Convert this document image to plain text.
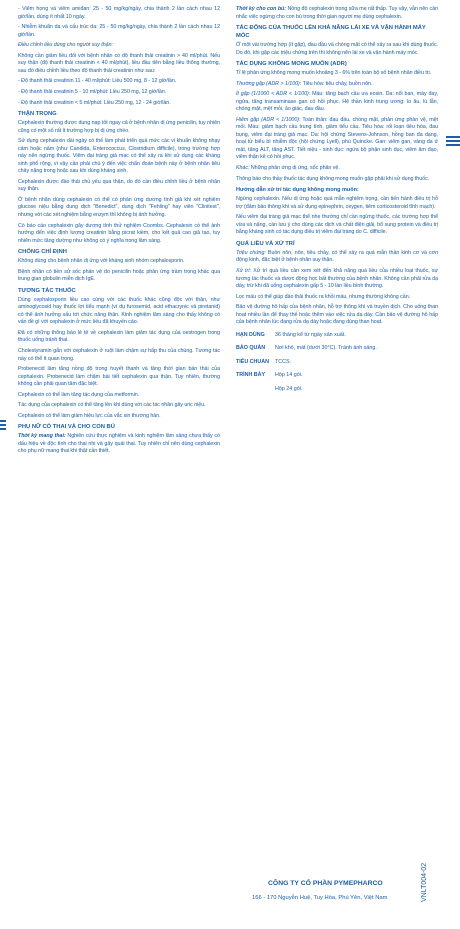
- Viêm họng và viêm amiđan: 25 - 50 mg/kg/ngày, chia thành 2 lần cách nhau 12 giờ/lần, dùng ít nhất 10 ngày.
- Nhiễm khuẩn da và cấu trúc da: 25 - 50 mg/kg/ngày, chia thành 2 lần cách nhau 12 giờ/lần.
Điều chỉnh liều dùng cho người suy thận:
Không cần giảm liều đối với bệnh nhân có độ thanh thải creatinin > 40 ml/phút. Nếu suy thận (độ thanh thải creatinin < 40 ml/phút), liều đầu tiên bằng liều thông thường, sau đó điều chỉnh liều theo độ thanh thải creatinin như sau:
- Độ thanh thải creatinin 11 - 40 ml/phút: Liều 500 mg, 8 - 12 giờ/lần.
- Độ thanh thải creatinin 5 - 10 ml/phút: Liều 250 mg, 12 giờ/lần.
- Độ thanh thải creatinin < 5 ml/phút: Liều 250 mg, 12 - 24 giờ/lần.
THẬN TRỌNG
Cephalexin thường được dung nạp tốt ngay cả ở bệnh nhân dị ứng penicilin, tuy nhiên cũng có một số rất ít trường hợp bị dị ứng chéo.
Sử dụng cephalexin dài ngày có thể làm phát triển quá mức các vi khuẩn không nhạy cảm hoặc nấm (như Candida, Enterococcus, Clostridium difficile), trong trường hợp này nên ngừng thuốc. Viêm đại tràng giả mạc có thể xảy ra khi sử dụng các kháng sinh phổ rộng, vì vậy cần phải chú ý đến việc chẩn đoán bệnh này ở bệnh nhân tiêu chảy nặng trong hoặc sau khi dùng kháng sinh.
Cephalexin được đào thải chủ yếu qua thận, do đó cần điều chỉnh liều ở bệnh nhân suy thận.
Ở bệnh nhân dùng cephalexin có thể có phản ứng dương tính giả khi xét nghiệm glucose niệu bằng dung dịch "Benedict", dung dịch "Fehling" hay viên "Clinitest", nhưng với các xét nghiệm bằng enzym thì không bị ảnh hưởng.
Có báo cáo cephalexin gây dương tính thử nghiệm Coombs. Cephalexin có thể ảnh hưởng đến việc định lượng creatinin bằng picrat kiềm, cho kết quả cao giả tạo, tuy nhiên mức tăng dường như không có ý nghĩa trong lâm sàng.
CHỐNG CHỈ ĐỊNH
Không dùng cho bệnh nhân dị ứng với kháng sinh nhóm cephalosporin.
Bệnh nhân có tiền sử sốc phản vệ do penicilin hoặc phản ứng trầm trọng khác qua trung gian globulin miễn dịch IgE.
TƯƠNG TÁC THUỐC
Dùng cephalosporin liều cao cùng với các thuốc khác cũng độc với thận, như aminoglycosid hay thuốc lợi tiểu mạnh (ví dụ furosemid, acid ethacrynic và piretanid) có thể ảnh hưởng xấu tới chức năng thận. Kinh nghiệm lâm sàng cho thấy không có vấn đề gì với cephalexin ở mức liều đã khuyến cáo.
Đã có những thông báo lẻ tẻ về cephalexin làm giảm tác dụng của oestrogen trong thuốc uống tránh thai.
Cholestyramin gắn với cephalexin ở ruột làm chậm sự hấp thu của chúng. Tương tác này có thể ít quan trọng.
Probenecid làm tăng nồng độ trong huyết thanh và tăng thời gian bán thải của cephalexin. Probenecid làm chậm bài tiết cephalexin qua thận. Tuy nhiên, thường không cần phải quan tâm đặc biệt.
Cephalexin có thể làm tăng tác dụng của metformin.
Tác dụng của cephalexin có thể tăng lên khi dùng với các tác nhân gây uric niệu.
Cephalexin có thể làm giảm hiệu lực của vắc xin thương hàn.
PHỤ NỮ CÓ THAI VÀ CHO CON BÚ
Thời kỳ mang thai: Nghiên cứu thực nghiệm và kinh nghiệm lâm sàng chưa thấy có dấu hiệu về độc tính cho thai nhi và gây quái thai. Tuy nhiên chỉ nên dùng cephalexin cho phụ nữ mang thai khi thật cần thiết.
Thời kỳ cho con bú: Nồng độ cephalexin trong sữa mẹ rất thấp. Tuy vậy, vẫn nên cân nhắc việc ngừng cho con bú trong thời gian người mẹ dùng cephalexin.
TÁC ĐỘNG CỦA THUỐC LÊN KHẢ NĂNG LÁI XE VÀ VẬN HÀNH MÁY MÓC
Ở một vài trường hợp (ít gặp), đau đầu và chóng mặt có thể xảy ra sau khi dùng thuốc. Do đó, khi gặp các triệu chứng trên thì không nên lái xe và vận hành máy móc.
TÁC DỤNG KHÔNG MONG MUỐN (ADR)
Tỉ lệ phản ứng không mong muốn khoảng 3 - 6% trên toàn bộ số bệnh nhân điều trị.
Thường gặp (ADR > 1/100): Tiêu hóa: tiêu chảy, buồn nôn.
Ít gặp (1/1000 < ADR < 1/100): Máu: tăng bạch cầu ưa eosin. Da: nổi ban, mày đay, ngứa, tăng transaminase gan có hồi phục. Hệ thần kinh trung ương: lo âu, lú lẫn, chóng mặt, mệt mỏi, ảo giác, đau đầu.
Hiếm gặp (ADR < 1/1000): Toàn thân: đau đầu, chóng mặt, phản ứng phản vệ, mệt mỏi. Máu: giảm bạch cầu trung tính, giảm tiểu cầu. Tiêu hóa: rối loạn tiêu hóa, đau bụng, viêm đại tràng giả mạc. Da: hội chứng Stevens-Johnson, hồng ban đa dạng, hoại tử biểu bì nhiễm độc (hội chứng Lyell), phù Quincke. Gan: viêm gan, vàng da ứ mật, tăng ALT, tăng AST. Tiết niệu - sinh dục: ngứa bộ phận sinh dục, viêm âm đạo, viêm thận kẽ có hồi phục.
Khác: Những phản ứng dị ứng, sốc phản vệ.
Thông báo cho thầy thuốc tác dụng không mong muốn gặp phải khi sử dụng thuốc.
Hướng dẫn xử trí tác dụng không mong muốn:
Ngừng cephalexin. Nếu dị ứng hoặc quá mẫn nghiêm trọng, cần tiến hành điều trị hỗ trợ (đảm bảo thông khí và sử dụng epinephrin, oxygen, tiêm corticosteroid tĩnh mạch).
Nếu viêm đại tràng giả mạc thể nhẹ thường chỉ cần ngừng thuốc, các trường hợp thể vừa và nặng, cần lưu ý cho dùng các dịch và chất điện giải, bổ sung protein và điều trị bằng kháng sinh có tác dụng điều trị viêm đại tràng do C. difficile.
QUÁ LIỀU VÀ XỬ TRÍ
Triệu chứng: Buồn nôn, nôn, tiêu chảy, có thể xảy ra quá mẫn thần kinh cơ và cơn động kinh, đặc biệt ở bệnh nhân suy thận.
Xử trí: Xử trí quá liều cần xem xét đến khả năng quá liều của nhiều loại thuốc, sự tương tác thuốc và dược động học bất thường của bệnh nhân. Không cần phải rửa dạ dày, trừ khi đã uống cephalexin gấp 5 - 10 lần liều bình thường.
Lọc máu có thể giúp đào thải thuốc ra khỏi máu, nhưng thường không cần.
Bảo vệ đường hô hấp của bệnh nhân, hỗ trợ thông khí và truyền dịch. Cho uống than hoạt nhiều lần để thay thế hoặc thêm vào việc rửa dạ dày. Cần bảo vệ đường hô hấp của bệnh nhân lúc đang rửa dạ dày hoặc đang dùng than hoạt.
HẠN DÙNG	36 tháng kể từ ngày sản xuất.
BẢO QUẢN	Nơi khô, mát (dưới 30°C). Tránh ánh sáng.
TIÊU CHUẨN	TCCS.
TRÌNH BÀY	Hộp 14 gói.
Hộp 24 gói.
CÔNG TY CỔ PHẦN PYMEPHARCO
166 - 170 Nguyễn Huệ, Tuy Hòa, Phú Yên, Việt Nam	VNLT004-02
